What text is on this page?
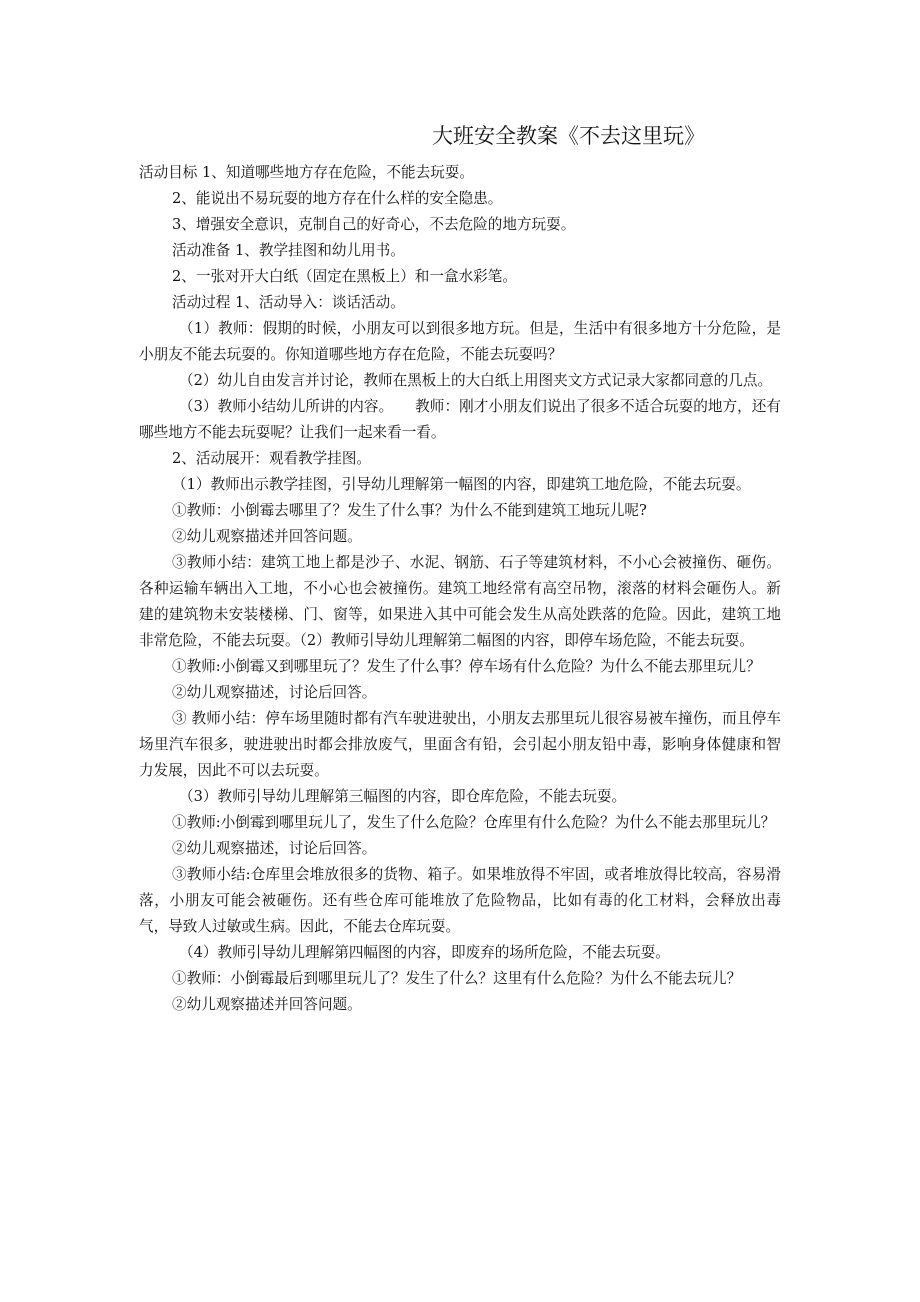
大班安全教案《不去这里玩》

活动目标 1、知道哪些地方存在危险，不能去玩耍。

2、能说出不易玩耍的地方存在什么样的安全隐患。

3、增强安全意识，克制自己的好奇心，不去危险的地方玩耍。

活动准备 1、教学挂图和幼儿用书。

2、一张对开大白纸（固定在黑板上）和一盒水彩笔。

活动过程 1、活动导入：谈话活动。

（1）教师：假期的时候，小朋友可以到很多地方玩。但是，生活中有很多地方十分危险，是小朋友不能去玩耍的。你知道哪些地方存在危险，不能去玩耍吗？

（2）幼儿自由发言并讨论，教师在黑板上的大白纸上用图夹文方式记录大家都同意的几点。

（3）教师小结幼儿所讲的内容。　　教师：刚才小朋友们说出了很多不适合玩耍的地方，还有哪些地方不能去玩耍呢？让我们一起来看一看。

2、活动展开：观看教学挂图。

（1）教师出示教学挂图，引导幼儿理解第一幅图的内容，即建筑工地危险，不能去玩耍。

①教师：小倒霉去哪里了？发生了什么事？为什么不能到建筑工地玩儿呢?

②幼儿观察描述并回答问题。

③教师小结：建筑工地上都是沙子、水泥、钢筋、石子等建筑材料，不小心会被撞伤、砸伤。各种运输车辆出入工地，不小心也会被撞伤。建筑工地经常有高空吊物，滚落的材料会砸伤人。新建的建筑物未安装楼梯、门、窗等，如果进入其中可能会发生从高处跌落的危险。因此，建筑工地非常危险，不能去玩耍。（2）教师引导幼儿理解第二幅图的内容，即停车场危险，不能去玩耍。

①教师:小倒霉又到哪里玩了？发生了什么事？停车场有什么危险？为什么不能去那里玩儿？

②幼儿观察描述，讨论后回答。

③ 教师小结：停车场里随时都有汽车驶进驶出，小朋友去那里玩儿很容易被车撞伤，而且停车场里汽车很多，驶进驶出时都会排放废气，里面含有铅，会引起小朋友铅中毒，影响身体健康和智力发展，因此不可以去玩耍。

（3）教师引导幼儿理解第三幅图的内容，即仓库危险，不能去玩耍。

①教师:小倒霉到哪里玩儿了，发生了什么危险？仓库里有什么危险？为什么不能去那里玩儿？

②幼儿观察描述，讨论后回答。

③教师小结:仓库里会堆放很多的货物、箱子。如果堆放得不牢固，或者堆放得比较高，容易滑落，小朋友可能会被砸伤。还有些仓库可能堆放了危险物品，比如有毒的化工材料，会释放出毒气，导致人过敏或生病。因此，不能去仓库玩耍。

（4）教师引导幼儿理解第四幅图的内容，即废弃的场所危险，不能去玩耍。

①教师：小倒霉最后到哪里玩儿了？发生了什么？这里有什么危险？为什么不能去玩儿？

②幼儿观察描述并回答问题。
